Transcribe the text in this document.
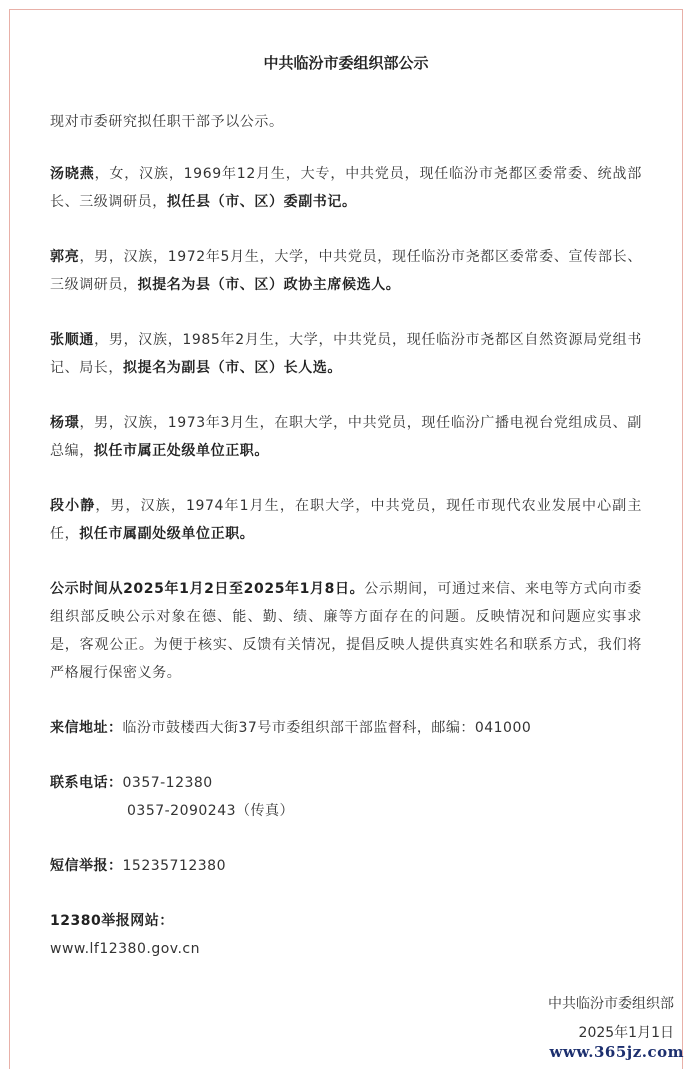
中共临汾市委组织部公示

现对市委研究拟任职干部予以公示。

汤晓燕，女，汉族，1969年12月生，大专，中共党员，现任临汾市尧都区委常委、统战部长、三级调研员，拟任县（市、区）委副书记。

郭亮，男，汉族，1972年5月生，大学，中共党员，现任临汾市尧都区委常委、宣传部长、三级调研员，拟提名为县（市、区）政协主席候选人。

张顺通，男，汉族，1985年2月生，大学，中共党员，现任临汾市尧都区自然资源局党组书记、局长，拟提名为副县（市、区）长人选。

杨璟，男，汉族，1973年3月生，在职大学，中共党员，现任临汾广播电视台党组成员、副总编，拟任市属正处级单位正职。

段小静，男，汉族，1974年1月生，在职大学，中共党员，现任市现代农业发展中心副主任，拟任市属副处级单位正职。

公示时间从2025年1月2日至2025年1月8日。公示期间，可通过来信、来电等方式向市委组织部反映公示对象在德、能、勤、绩、廉等方面存在的问题。反映情况和问题应实事求是，客观公正。为便于核实、反馈有关情况，提倡反映人提供真实姓名和联系方式，我们将严格履行保密义务。

来信地址：临汾市鼓楼西大街37号市委组织部干部监督科，邮编：041000
联系电话：0357-12380
0357-2090243（传真）
短信举报：15235712380
12380举报网站：
www.lf12380.gov.cn
中共临汾市委组织部
2025年1月1日
www.365jz.com
